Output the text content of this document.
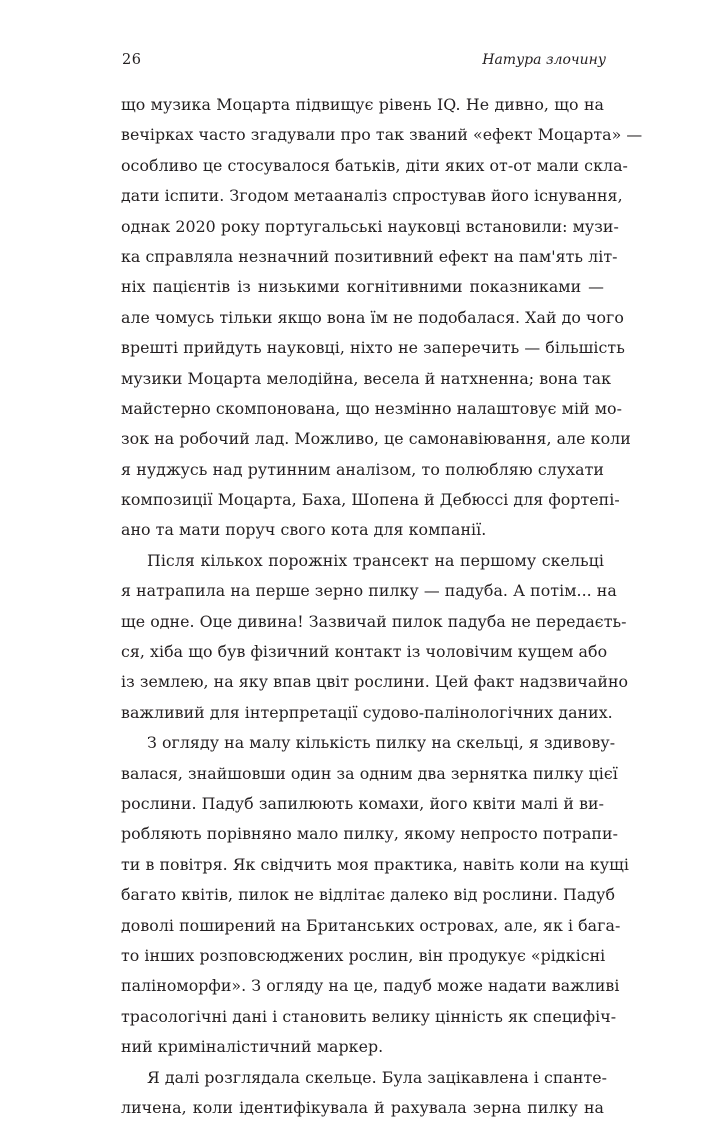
26	Натура злочину
що музика Моцарта підвищує рівень IQ. Не дивно, що на
вечірках часто згадували про так званий «ефект Моцарта» —
особливо це стосувалося батьків, діти яких от-от мали скла-
дати іспити. Згодом метааналіз спростував його існування,
однак 2020 року португальські науковці встановили: музи-
ка справляла незначний позитивний ефект на пам'ять літ-
ніх пацієнтів із низькими когнітивними показниками —
але чомусь тільки якщо вона їм не подобалася. Хай до чого
врешті прийдуть науковці, ніхто не заперечить — більшість
музики Моцарта мелодійна, весела й натхненна; вона так
майстерно скомпонована, що незмінно налаштовує мій мо-
зок на робочий лад. Можливо, це самонавіювання, але коли
я нуджусь над рутинним аналізом, то полюбляю слухати
композиції Моцарта, Баха, Шопена й Дебюссі для фортепі-
ано та мати поруч свого кота для компанії.
Після кількох порожніх трансект на першому скельці
я натрапила на перше зерно пилку — падуба. А потім... на
ще одне. Оце дивина! Зазвичай пилок падуба не передаєть-
ся, хіба що був фізичний контакт із чоловічим кущем або
із землею, на яку впав цвіт рослини. Цей факт надзвичайно
важливий для інтерпретації судово-палінологічних даних.
З огляду на малу кількість пилку на скельці, я здивову-
валася, знайшовши один за одним два зернятка пилку цієї
рослини. Падуб запилюють комахи, його квіти малі й ви-
робляють порівняно мало пилку, якому непросто потрапи-
ти в повітря. Як свідчить моя практика, навіть коли на кущі
багато квітів, пилок не відлітає далеко від рослини. Падуб
доволі поширений на Британських островах, але, як і бага-
то інших розповсюджених рослин, він продукує «рідкісні
паліноморфи». З огляду на це, падуб може надати важливі
трасологічні дані і становить велику цінність як специфіч-
ний криміналістичний маркер.
Я далі розглядала скельце. Була зацікавлена і спанте-
личена, коли ідентифікувала й рахувала зерна пилку на
